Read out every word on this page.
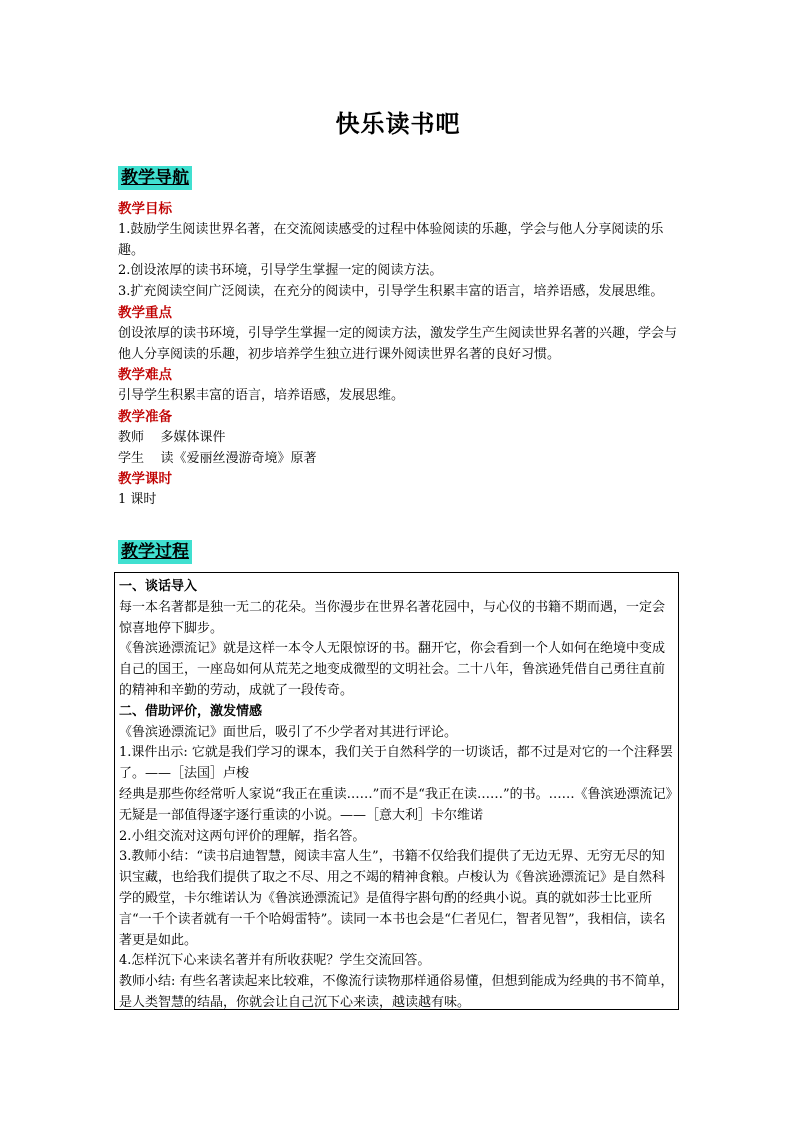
快乐读书吧
教学导航
教学目标

1.鼓励学生阅读世界名著，在交流阅读感受的过程中体验阅读的乐趣，学会与他人分享阅读的乐趣。

2.创设浓厚的读书环境，引导学生掌握一定的阅读方法。

3.扩充阅读空间广泛阅读，在充分的阅读中，引导学生积累丰富的语言，培养语感，发展思维。

教学重点

创设浓厚的读书环境，引导学生掌握一定的阅读方法，激发学生产生阅读世界名著的兴趣，学会与他人分享阅读的乐趣，初步培养学生独立进行课外阅读世界名著的良好习惯。

教学难点

引导学生积累丰富的语言，培养语感，发展思维。

教学准备

教师    多媒体课件

学生    读《爱丽丝漫游奇境》原著

教学课时

1 课时

教学过程
一、谈话导入

每一本名著都是独一无二的花朵。当你漫步在世界名著花园中，与心仪的书籍不期而遇，一定会惊喜地停下脚步。

《鲁滨逊漂流记》就是这样一本令人无限惊讶的书。翻开它，你会看到一个人如何在绝境中变成自己的国王，一座岛如何从荒芜之地变成微型的文明社会。二十八年，鲁滨逊凭借自己勇往直前的精神和辛勤的劳动，成就了一段传奇。

二、借助评价，激发情感

《鲁滨逊漂流记》面世后，吸引了不少学者对其进行评论。

1.课件出示: 它就是我们学习的课本，我们关于自然科学的一切谈话，都不过是对它的一个注释罢了。——［法国］卢梭

经典是那些你经常听人家说“我正在重读……”而不是“我正在读……”的书。……《鲁滨逊漂流记》无疑是一部值得逐字逐行重读的小说。——［意大利］卡尔维诺

2.小组交流对这两句评价的理解，指名答。

3.教师小结：“读书启迪智慧，阅读丰富人生”，书籍不仅给我们提供了无边无界、无穷无尽的知识宝藏，也给我们提供了取之不尽、用之不竭的精神食粮。卢梭认为《鲁滨逊漂流记》是自然科学的殿堂，卡尔维诺认为《鲁滨逊漂流记》是值得字斟句酌的经典小说。真的就如莎士比亚所言“一千个读者就有一千个哈姆雷特”。读同一本书也会是“仁者见仁，智者见智”，我相信，读名著更是如此。

4.怎样沉下心来读名著并有所收获呢？学生交流回答。

教师小结: 有些名著读起来比较难，不像流行读物那样通俗易懂，但想到能成为经典的书不简单，是人类智慧的结晶，你就会让自己沉下心来读，越读越有味。
